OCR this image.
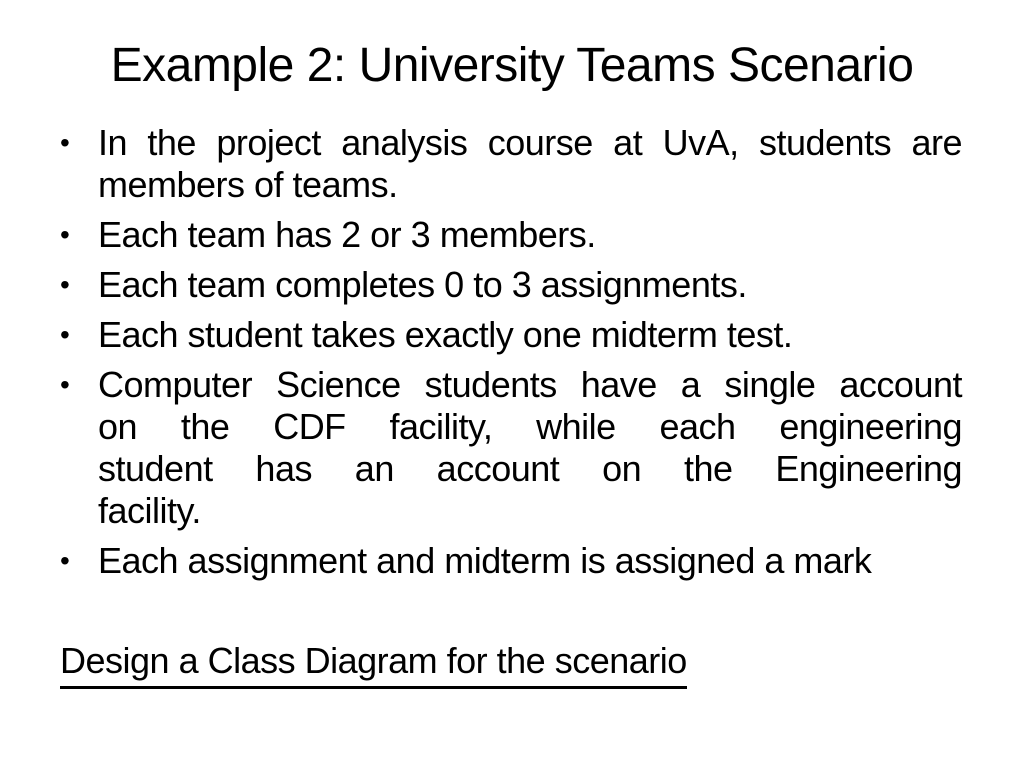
Example 2: University Teams Scenario
• In the project analysis course at UvA, students are
members of teams.
• Each team has 2 or 3 members.
• Each team completes 0 to 3 assignments.
• Each student takes exactly one midterm test.
• Computer Science students have a single account
on the CDF facility, while each engineering
student has an account on the Engineering
facility.
• Each assignment and midterm is assigned a mark
Design a Class Diagram for the scenario
